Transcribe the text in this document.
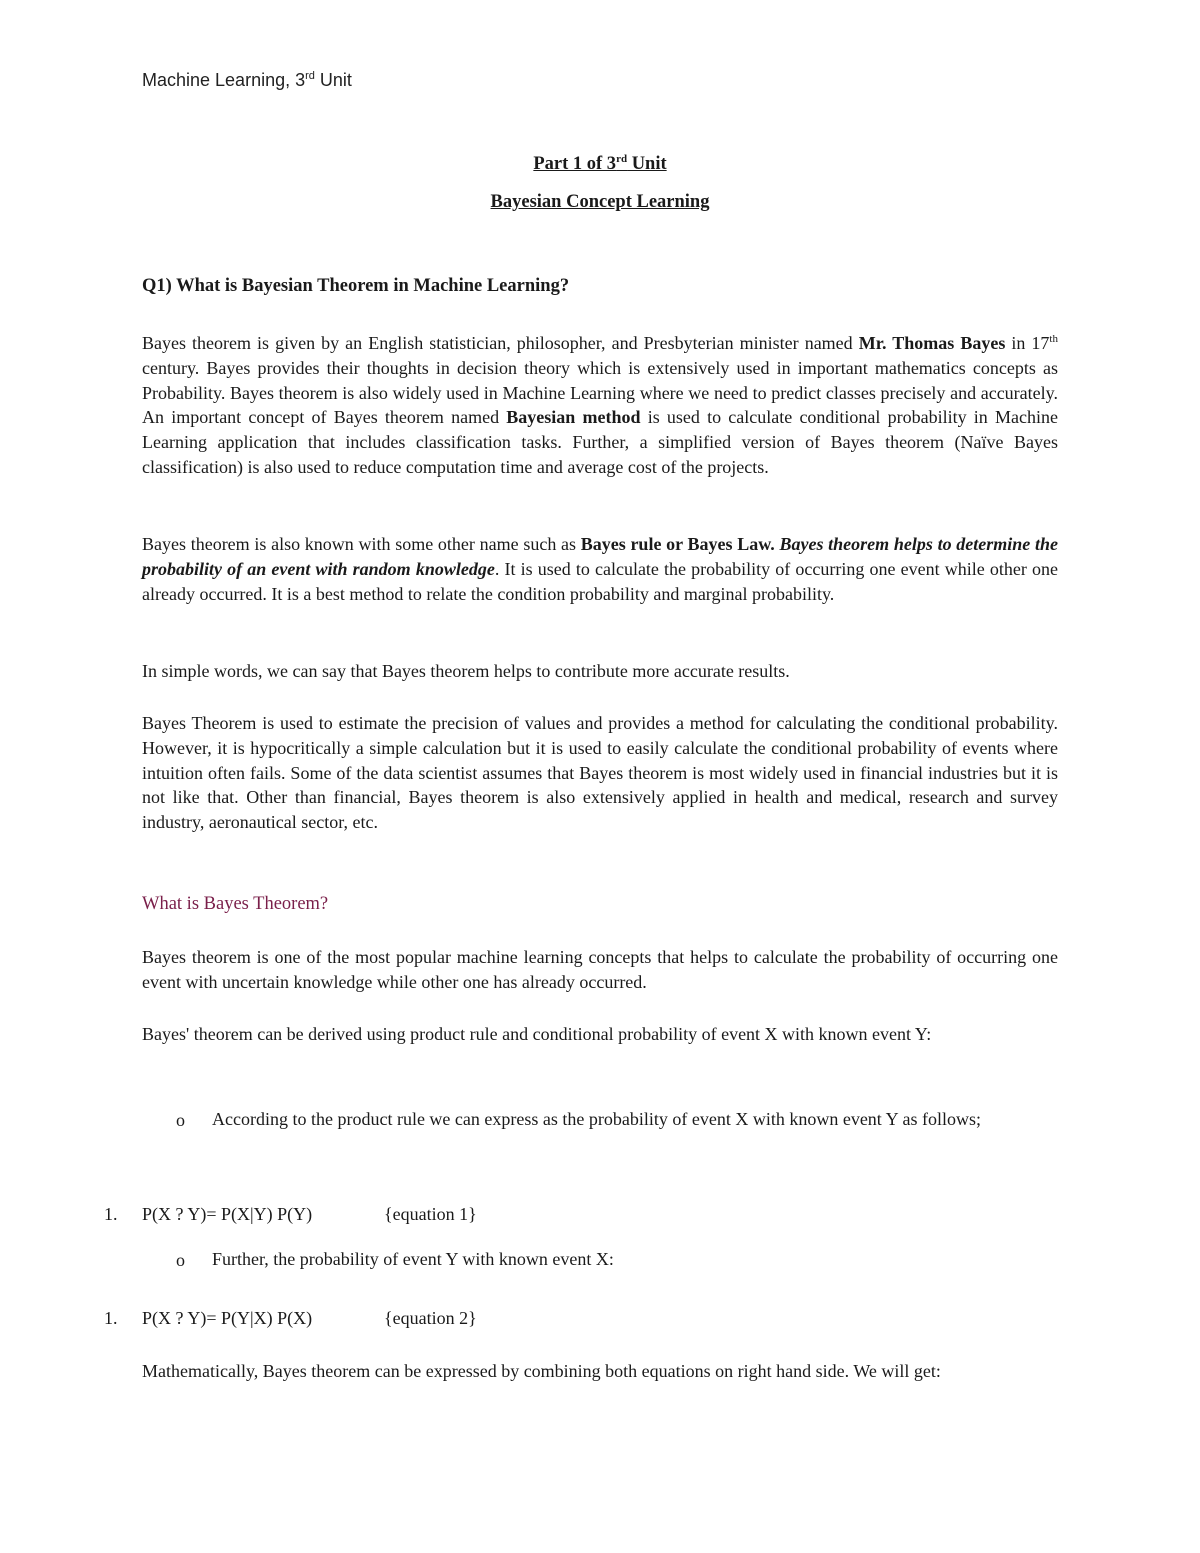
Machine Learning, 3rd Unit
Part 1 of 3rd Unit
Bayesian Concept Learning
Q1) What is Bayesian Theorem in Machine Learning?

Bayes theorem is given by an English statistician, philosopher, and Presbyterian minister named Mr. Thomas Bayes in 17th century. Bayes provides their thoughts in decision theory which is extensively used in important mathematics concepts as Probability. Bayes theorem is also widely used in Machine Learning where we need to predict classes precisely and accurately. An important concept of Bayes theorem named Bayesian method is used to calculate conditional probability in Machine Learning application that includes classification tasks. Further, a simplified version of Bayes theorem (Naïve Bayes classification) is also used to reduce computation time and average cost of the projects.

Bayes theorem is also known with some other name such as Bayes rule or Bayes Law. Bayes theorem helps to determine the probability of an event with random knowledge. It is used to calculate the probability of occurring one event while other one already occurred. It is a best method to relate the condition probability and marginal probability.

In simple words, we can say that Bayes theorem helps to contribute more accurate results.

Bayes Theorem is used to estimate the precision of values and provides a method for calculating the conditional probability. However, it is hypocritically a simple calculation but it is used to easily calculate the conditional probability of events where intuition often fails. Some of the data scientist assumes that Bayes theorem is most widely used in financial industries but it is not like that. Other than financial, Bayes theorem is also extensively applied in health and medical, research and survey industry, aeronautical sector, etc.

What is Bayes Theorem?

Bayes theorem is one of the most popular machine learning concepts that helps to calculate the probability of occurring one event with uncertain knowledge while other one has already occurred.

Bayes' theorem can be derived using product rule and conditional probability of event X with known event Y:

o According to the product rule we can express as the probability of event X with known event Y as follows;
1. P(X ? Y)= P(X|Y) P(Y)	{equation 1}
o Further, the probability of event Y with known event X:
1. P(X ? Y)= P(Y|X) P(X)	{equation 2}

Mathematically, Bayes theorem can be expressed by combining both equations on right hand side. We will get:
